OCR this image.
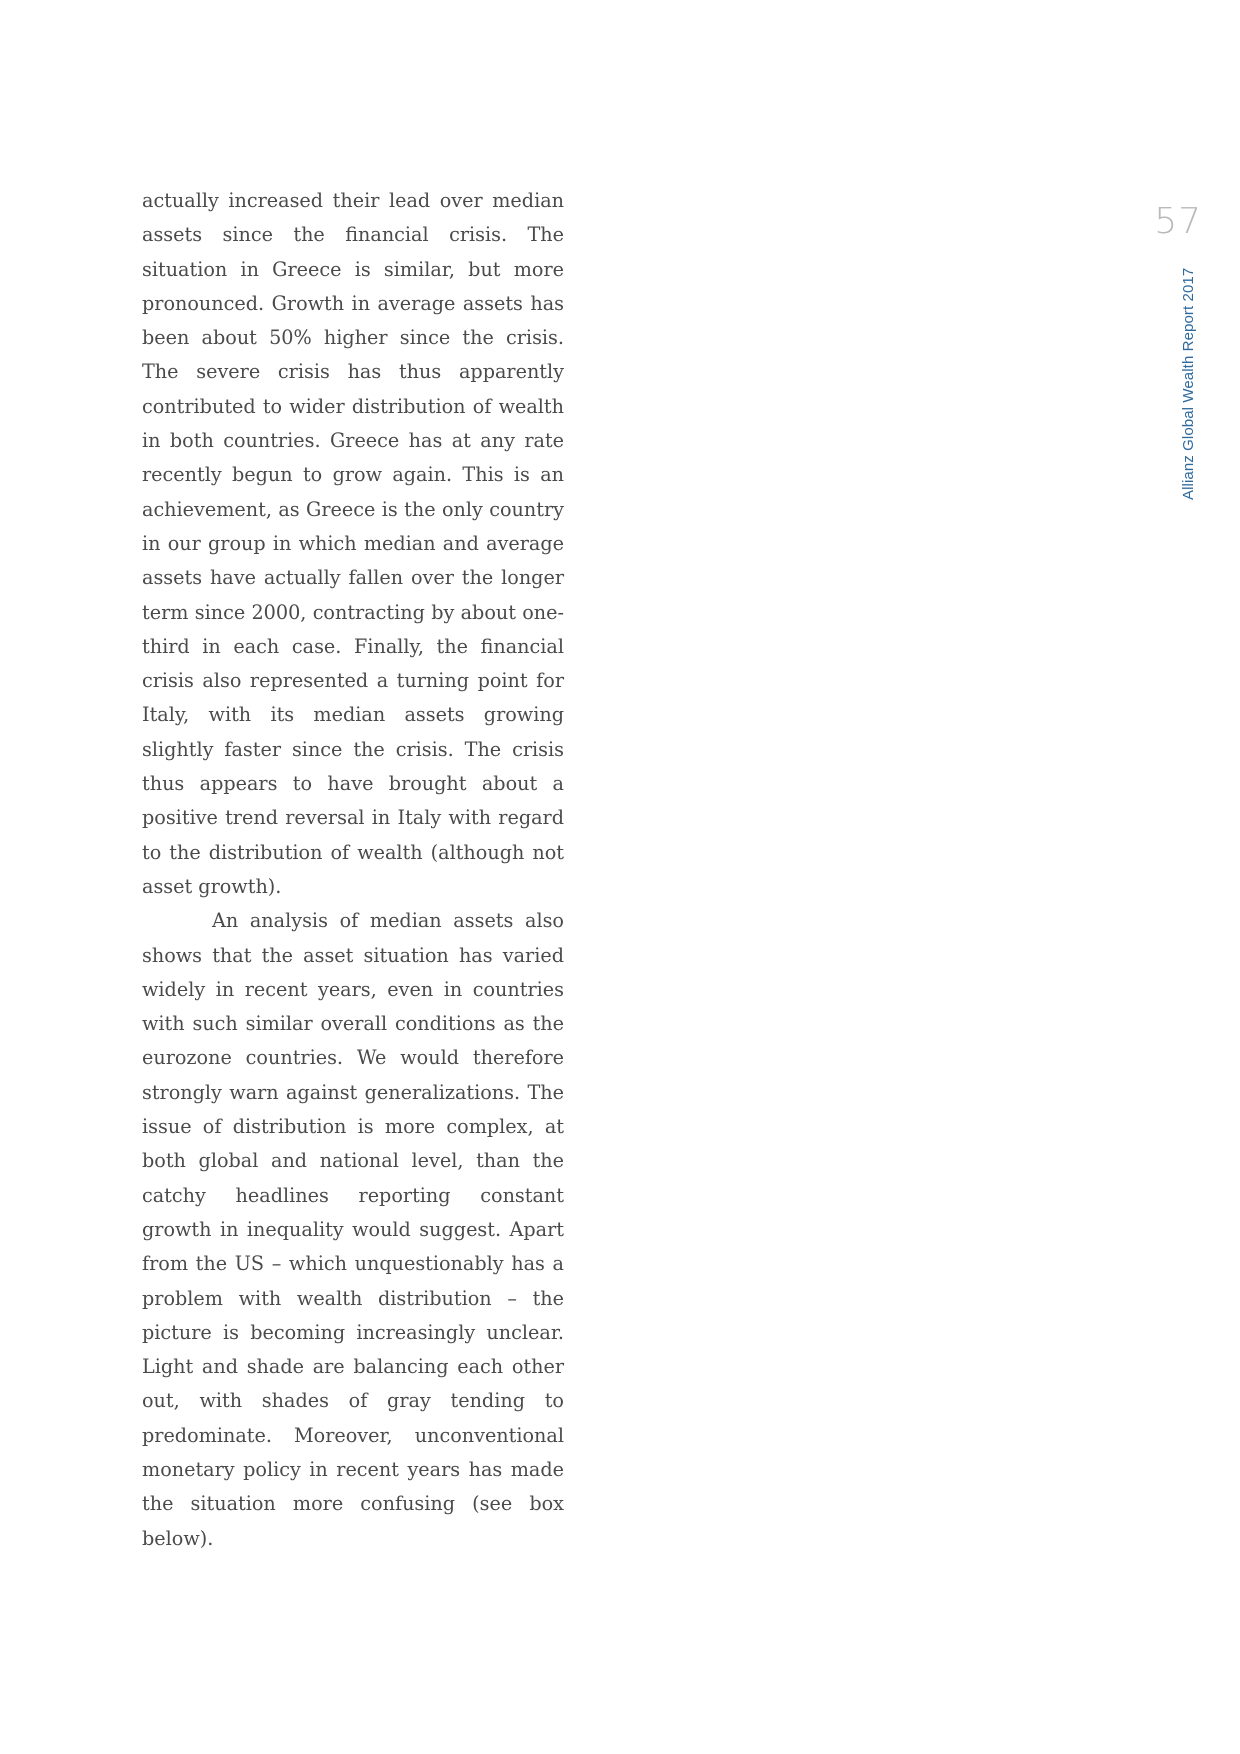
actually increased their lead over median assets since the financial crisis. The situation in Greece is similar, but more pronounced. Growth in average assets has been about 50% higher since the crisis. The severe crisis has thus apparently contributed to wider distribution of wealth in both countries. Greece has at any rate recently begun to grow again. This is an achievement, as Greece is the only country in our group in which median and average assets have actually fallen over the longer term since 2000, contracting by about one-third in each case. Finally, the financial crisis also represented a turning point for Italy, with its median assets growing slightly faster since the crisis. The crisis thus appears to have brought about a positive trend reversal in Italy with regard to the distribution of wealth (although not asset growth).

An analysis of median assets also shows that the asset situation has varied widely in recent years, even in countries with such similar overall conditions as the eurozone countries. We would therefore strongly warn against generalizations. The issue of distribution is more complex, at both global and national level, than the catchy headlines reporting constant growth in inequality would suggest. Apart from the US – which unquestionably has a problem with wealth distribution – the picture is becoming increasingly unclear. Light and shade are balancing each other out, with shades of gray tending to predominate. Moreover, unconventional monetary policy in recent years has made the situation more confusing (see box below).

57
Allianz Global Wealth Report 2017
